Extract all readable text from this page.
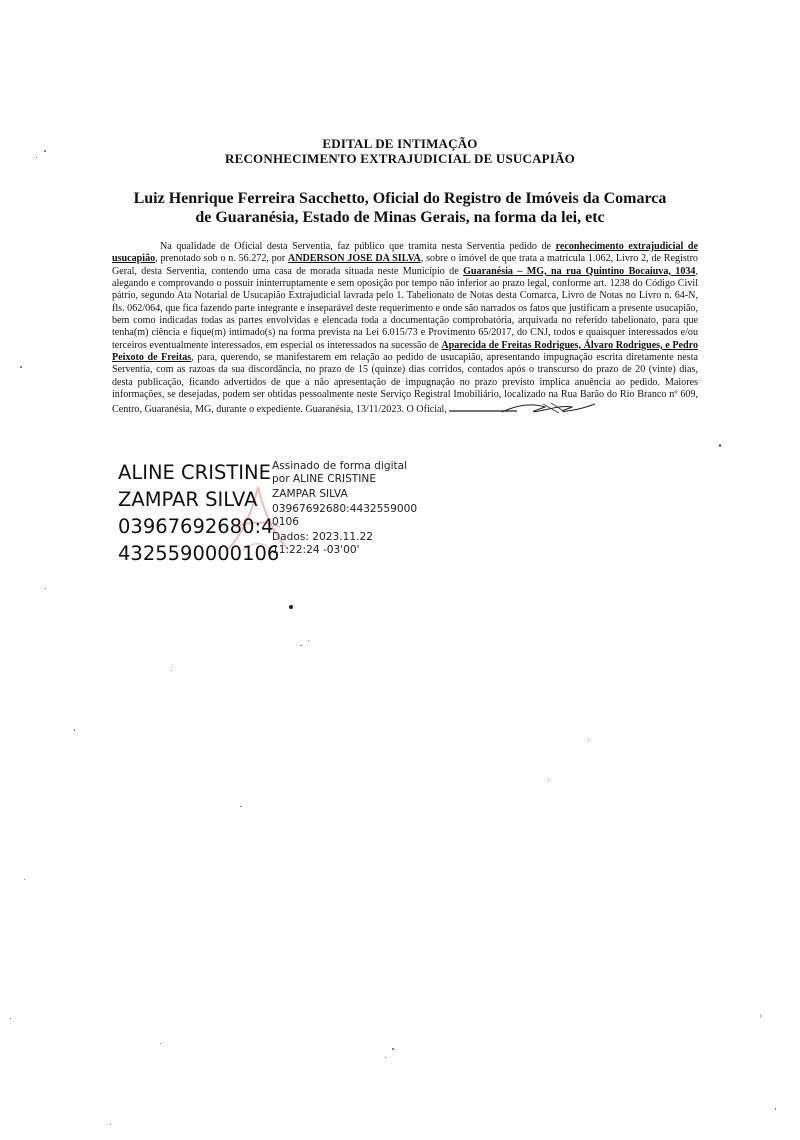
EDITAL DE INTIMAÇÃO
RECONHECIMENTO EXTRAJUDICIAL DE USUCAPIÃO
Luiz Henrique Ferreira Sacchetto, Oficial do Registro de Imóveis da Comarca
de Guaranésia, Estado de Minas Gerais, na forma da lei, etc
Na qualidade de Oficial desta Serventia, faz público que tramita nesta Serventia pedido de reconhecimento extrajudicial de usucapião, prenotado sob o n. 56.272, por ANDERSON JOSE DA SILVA, sobre o imóvel de que trata a matrícula 1.062, Livro 2, de Registro Geral, desta Serventia, contendo uma casa de morada situada neste Município de Guaranésia – MG, na rua Quintino Bocaiuva, 1034, alegando e comprovando o possuir ininterruptamente e sem oposição por tempo não inferior ao prazo legal, conforme art. 1238 do Código Civil pátrio, segundo Ata Notarial de Usucapião Extrajudicial lavrada pelo 1. Tabelionato de Notas desta Comarca, Livro de Notas no Livro n. 64-N, fls. 062/064, que fica fazendo parte integrante e inseparável deste requerimento e onde são narrados os fatos que justificam a presente usucapião, bem como indicadas todas as partes envolvidas e elencada toda a documentação comprobatória, arquivada no referido tabelionato, para que tenha(m) ciência e fique(m) intimado(s) na forma prevista na Lei 6.015/73 e Provimento 65/2017, do CNJ, todos e quaisquer interessados e/ou terceiros eventualmente interessados, em especial os interessados na sucessão de Aparecida de Freitas Rodrigues, Álvaro Rodrigues, e Pedro Peixoto de Freitas, para, querendo, se manifestarem em relação ao pedido de usucapião, apresentando impugnação escrita diretamente nesta Serventia, com as razoas da sua discordância, no prazo de 15 (quinze) dias corridos, contados após o transcurso do prazo de 20 (vinte) dias, desta publicação, ficando advertidos de que a não apresentação de impugnação no prazo previsto implica anuência ao pedido. Maiores informações, se desejadas, podem ser obtidas pessoalmente neste Serviço Registral Imobiliário, localizado na Rua Barão do Rio Branco nº 609, Centro, Guaranésia, MG, durante o expediente. Guaranésia, 13/11/2023. O Oficial,
ALINE CRISTINE
ZAMPAR SILVA
03967692680:4
4325590000106
Assinado de forma digital
por ALINE CRISTINE
ZAMPAR SILVA
03967692680:4432559000
0106
Dados: 2023.11.22
11:22:24 -03'00'
